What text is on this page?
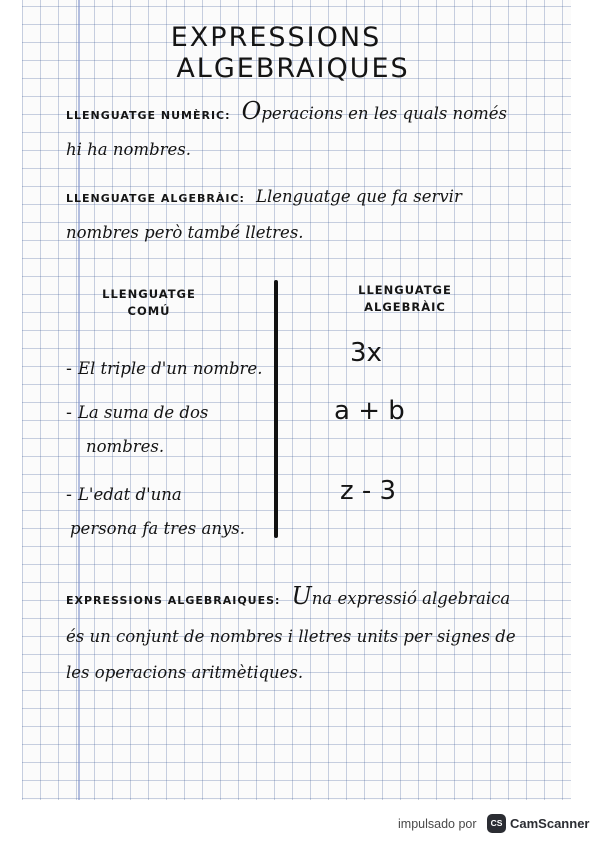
EXPRESSIONSALGEBRAIQUES
LLENGUATGE NUMÈRIC: Operacions en les quals només hi ha nombres.
LLENGUATGE ALGEBRÀIC: Llenguatge que fa servir nombres però també lletres.
LLENGUATGE
COMÚ
LLENGUATGE
ALGEBRÀIC
- El triple d'un nombre.
- La suma de dos
nombres.
- L'edat d'una
persona fa tres anys.
3x
a + b
z - 3
EXPRESSIONS ALGEBRAIQUES: Una expressió algebraica és un conjunt de nombres i lletres units per signes de les operacions aritmètiques.
impulsado por	CS CamScanner
